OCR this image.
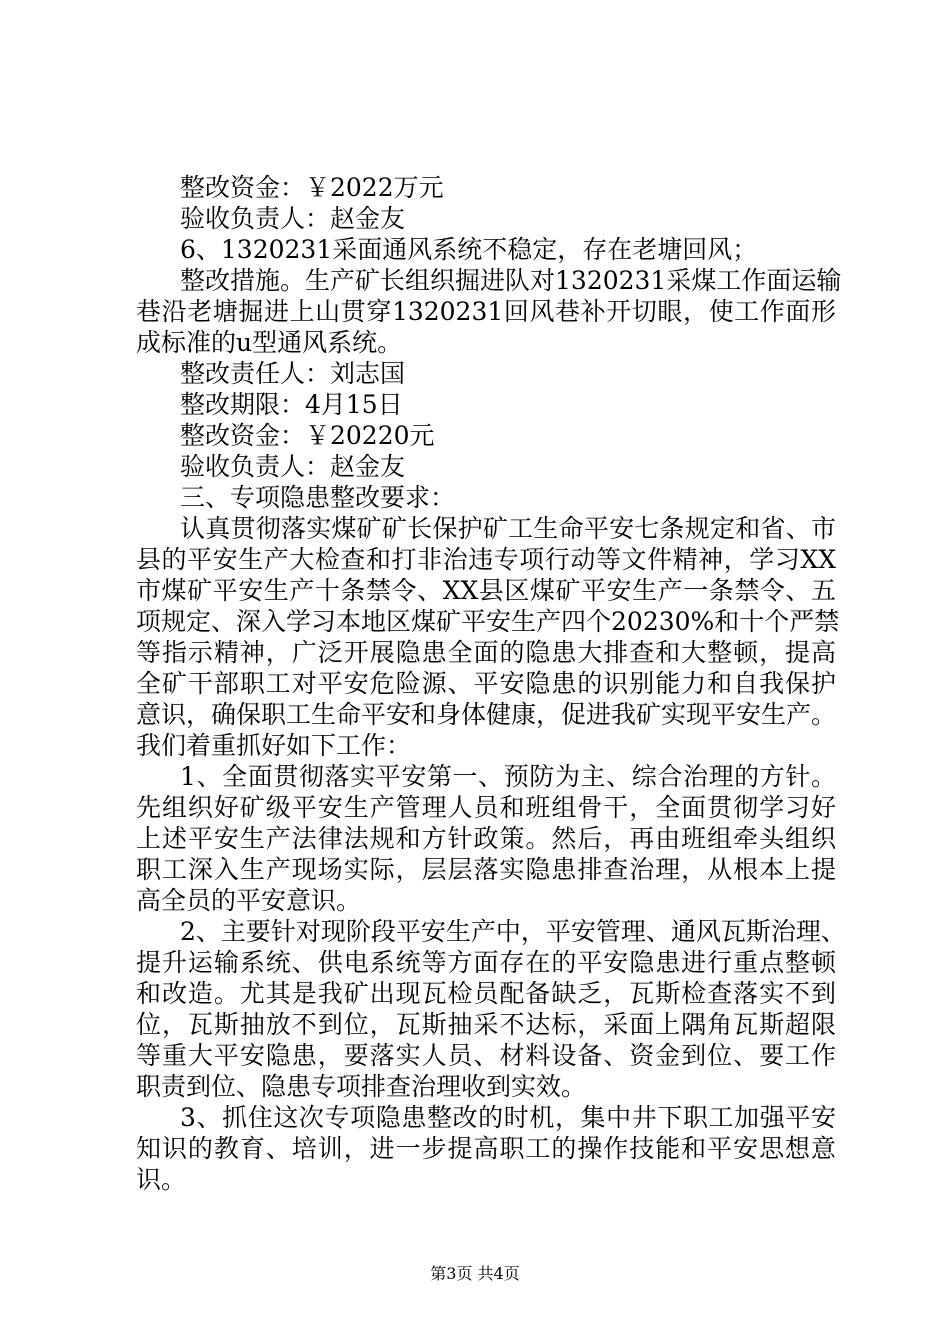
整改资金：￥2022万元
验收负责人：赵金友
6、1320231采面通风系统不稳定，存在老塘回风；
整改措施。生产矿长组织掘进队对1320231采煤工作面运输
巷沿老塘掘进上山贯穿1320231回风巷补开切眼，使工作面形
成标准的u型通风系统。
整改责任人：刘志国
整改期限：4月15日
整改资金：￥20220元
验收负责人：赵金友
三、专项隐患整改要求：
认真贯彻落实煤矿矿长保护矿工生命平安七条规定和省、市
县的平安生产大检查和打非治违专项行动等文件精神，学习XX
市煤矿平安生产十条禁令、XX县区煤矿平安生产一条禁令、五
项规定、深入学习本地区煤矿平安生产四个20230%和十个严禁
等指示精神，广泛开展隐患全面的隐患大排查和大整顿，提高
全矿干部职工对平安危险源、平安隐患的识别能力和自我保护
意识，确保职工生命平安和身体健康，促进我矿实现平安生产。
我们着重抓好如下工作：
1、全面贯彻落实平安第一、预防为主、综合治理的方针。
先组织好矿级平安生产管理人员和班组骨干，全面贯彻学习好
上述平安生产法律法规和方针政策。然后，再由班组牵头组织
职工深入生产现场实际，层层落实隐患排查治理，从根本上提
高全员的平安意识。
2、主要针对现阶段平安生产中，平安管理、通风瓦斯治理、
提升运输系统、供电系统等方面存在的平安隐患进行重点整顿
和改造。尤其是我矿出现瓦检员配备缺乏，瓦斯检查落实不到
位，瓦斯抽放不到位，瓦斯抽采不达标，采面上隅角瓦斯超限
等重大平安隐患，要落实人员、材料设备、资金到位、要工作
职责到位、隐患专项排查治理收到实效。
3、抓住这次专项隐患整改的时机，集中井下职工加强平安
知识的教育、培训，进一步提高职工的操作技能和平安思想意
识。
第3页 共4页
